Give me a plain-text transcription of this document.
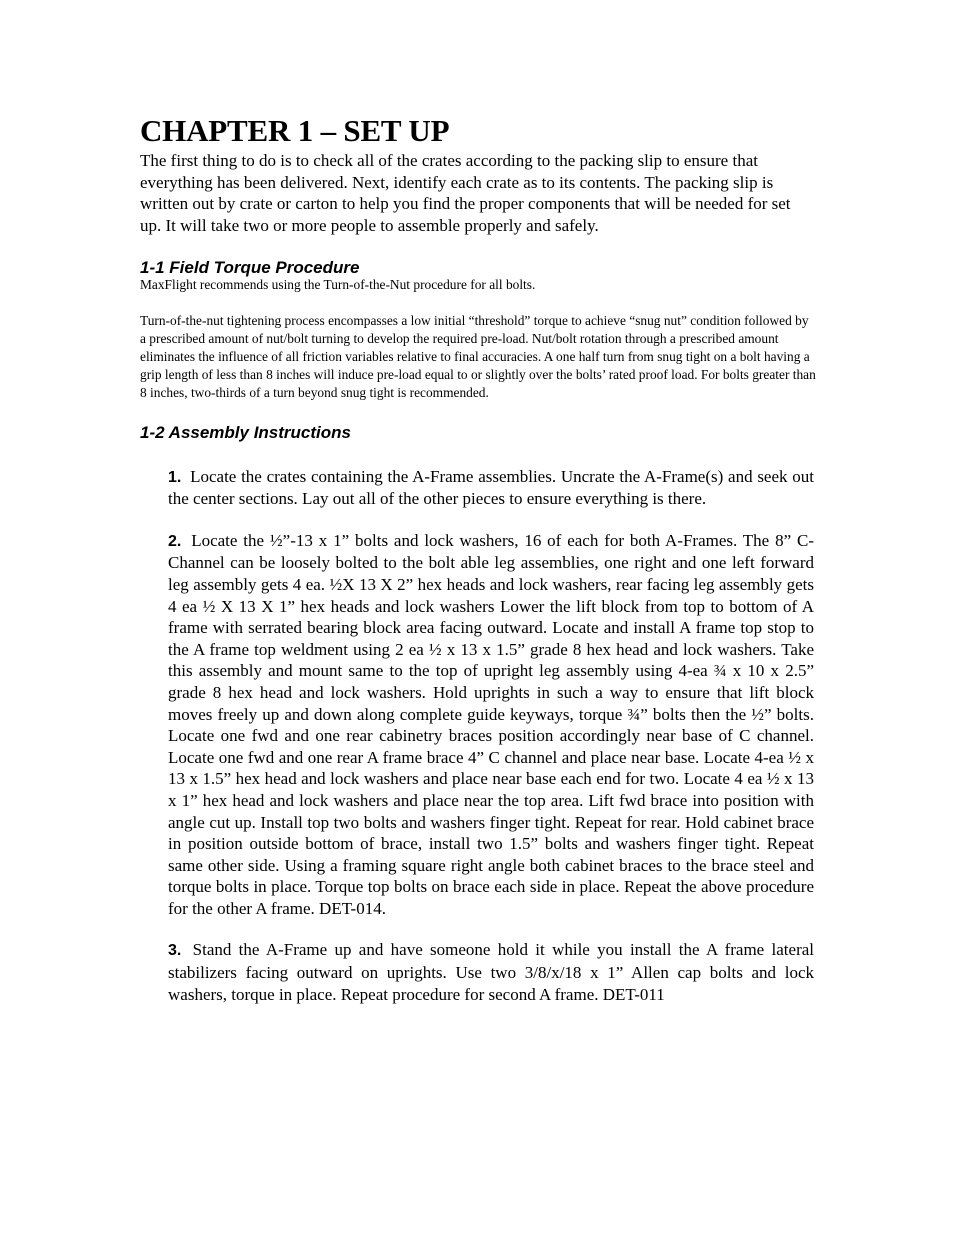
CHAPTER 1 – SET UP

The first thing to do is to check all of the crates according to the packing slip to ensure that everything has been delivered. Next, identify each crate as to its contents. The packing slip is written out by crate or carton to help you find the proper components that will be needed for set up. It will take two or more people to assemble properly and safely.

1-1 Field Torque Procedure

MaxFlight recommends using the Turn-of-the-Nut procedure for all bolts.

Turn-of-the-nut tightening process encompasses a low initial “threshold” torque to achieve “snug nut” condition followed by a prescribed amount of nut/bolt turning to develop the required pre-load. Nut/bolt rotation through a prescribed amount eliminates the influence of all friction variables relative to final accuracies. A one half turn from snug tight on a bolt having a grip length of less than 8 inches will induce pre-load equal to or slightly over the bolts’ rated proof load. For bolts greater than 8 inches, two-thirds of a turn beyond snug tight is recommended.

1-2 Assembly Instructions

1. Locate the crates containing the A-Frame assemblies. Uncrate the A-Frame(s) and seek out the center sections. Lay out all of the other pieces to ensure everything is there.

2. Locate the ½”-13 x 1” bolts and lock washers, 16 of each for both A-Frames. The 8” C-Channel can be loosely bolted to the bolt able leg assemblies, one right and one left forward leg assembly gets 4 ea. ½X 13 X 2” hex heads and lock washers, rear facing leg assembly gets 4 ea ½ X 13 X 1” hex heads and lock washers Lower the lift block from top to bottom of A frame with serrated bearing block area facing outward. Locate and install A frame top stop to the A frame top weldment using 2 ea ½ x 13 x 1.5” grade 8 hex head and lock washers. Take this assembly and mount same to the top of upright leg assembly using 4-ea ¾ x 10 x 2.5” grade 8 hex head and lock washers. Hold uprights in such a way to ensure that lift block moves freely up and down along complete guide keyways, torque ¾” bolts then the ½” bolts. Locate one fwd and one rear cabinetry braces position accordingly near base of C channel. Locate one fwd and one rear A frame brace 4” C channel and place near base. Locate 4-ea ½ x 13 x 1.5” hex head and lock washers and place near base each end for two. Locate 4 ea ½ x 13 x 1” hex head and lock washers and place near the top area. Lift fwd brace into position with angle cut up. Install top two bolts and washers finger tight. Repeat for rear. Hold cabinet brace in position outside bottom of brace, install two 1.5” bolts and washers finger tight. Repeat same other side. Using a framing square right angle both cabinet braces to the brace steel and torque bolts in place. Torque top bolts on brace each side in place. Repeat the above procedure for the other A frame. DET-014.

3. Stand the A-Frame up and have someone hold it while you install the A frame lateral stabilizers facing outward on uprights. Use two 3/8/x/18 x 1” Allen cap bolts and lock washers, torque in place. Repeat procedure for second A frame. DET-011
